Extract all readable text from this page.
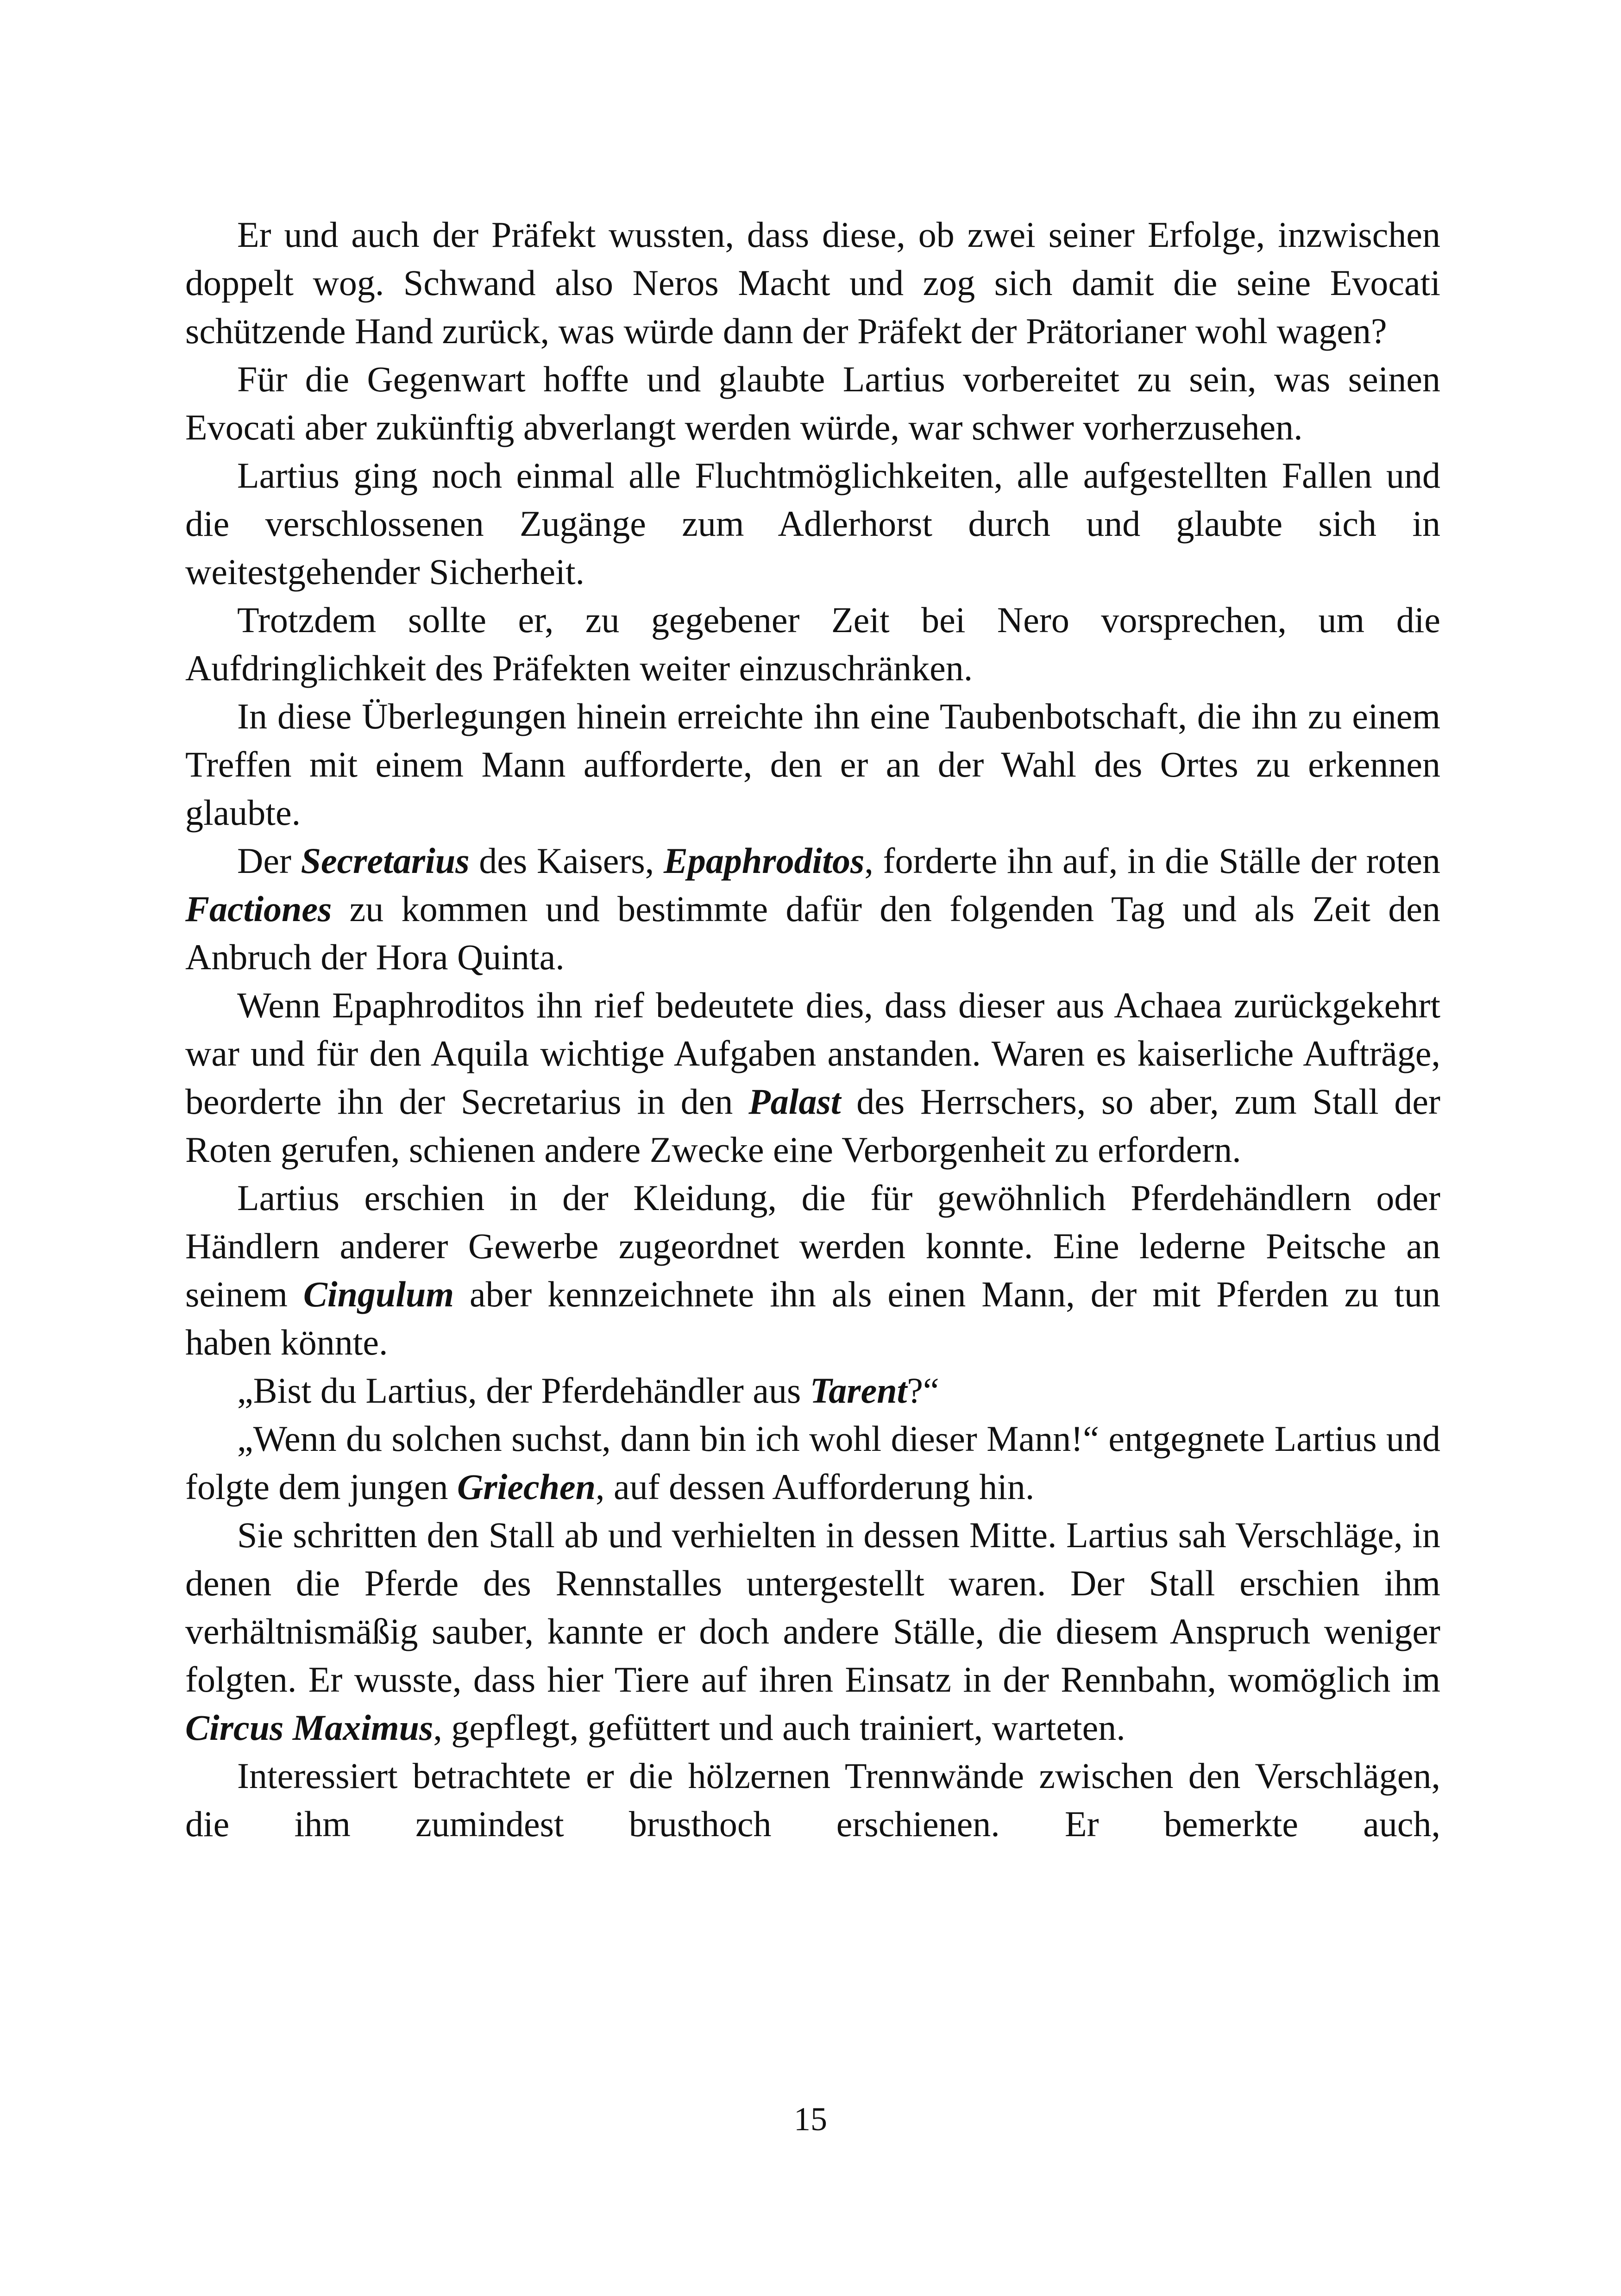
Er und auch der Präfekt wussten, dass diese, ob zwei seiner Erfolge, inzwischen doppelt wog. Schwand also Neros Macht und zog sich damit die seine Evocati schützende Hand zurück, was würde dann der Präfekt der Prätorianer wohl wagen?

Für die Gegenwart hoffte und glaubte Lartius vorbereitet zu sein, was seinen Evocati aber zukünftig abverlangt werden würde, war schwer vorherzusehen.

Lartius ging noch einmal alle Fluchtmöglichkeiten, alle aufgestellten Fallen und die verschlossenen Zugänge zum Adlerhorst durch und glaubte sich in weitestgehender Sicherheit.

Trotzdem sollte er, zu gegebener Zeit bei Nero vorsprechen, um die Aufdringlichkeit des Präfekten weiter einzuschränken.

In diese Überlegungen hinein erreichte ihn eine Taubenbotschaft, die ihn zu einem Treffen mit einem Mann aufforderte, den er an der Wahl des Ortes zu erkennen glaubte.

Der Secretarius des Kaisers, Epaphroditos, forderte ihn auf, in die Ställe der roten Factiones zu kommen und bestimmte dafür den folgenden Tag und als Zeit den Anbruch der Hora Quinta.

Wenn Epaphroditos ihn rief bedeutete dies, dass dieser aus Achaea zurückgekehrt war und für den Aquila wichtige Aufgaben anstanden. Waren es kaiserliche Aufträge, beorderte ihn der Secretarius in den Palast des Herrschers, so aber, zum Stall der Roten gerufen, schienen andere Zwecke eine Verborgenheit zu erfordern.

Lartius erschien in der Kleidung, die für gewöhnlich Pferdehändlern oder Händlern anderer Gewerbe zugeordnet werden konnte. Eine lederne Peitsche an seinem Cingulum aber kennzeichnete ihn als einen Mann, der mit Pferden zu tun haben könnte.

„Bist du Lartius, der Pferdehändler aus Tarent?“

„Wenn du solchen suchst, dann bin ich wohl dieser Mann!“ entgegnete Lartius und folgte dem jungen Griechen, auf dessen Aufforderung hin.

Sie schritten den Stall ab und verhielten in dessen Mitte. Lartius sah Verschläge, in denen die Pferde des Rennstalles untergestellt waren. Der Stall erschien ihm verhältnismäßig sauber, kannte er doch andere Ställe, die diesem Anspruch weniger folgten. Er wusste, dass hier Tiere auf ihren Einsatz in der Rennbahn, womöglich im Circus Maximus, gepflegt, gefüttert und auch trainiert, warteten.

Interessiert betrachtete er die hölzernen Trennwände zwischen den Verschlägen, die ihm zumindest brusthoch erschienen. Er bemerkte auch,

15
